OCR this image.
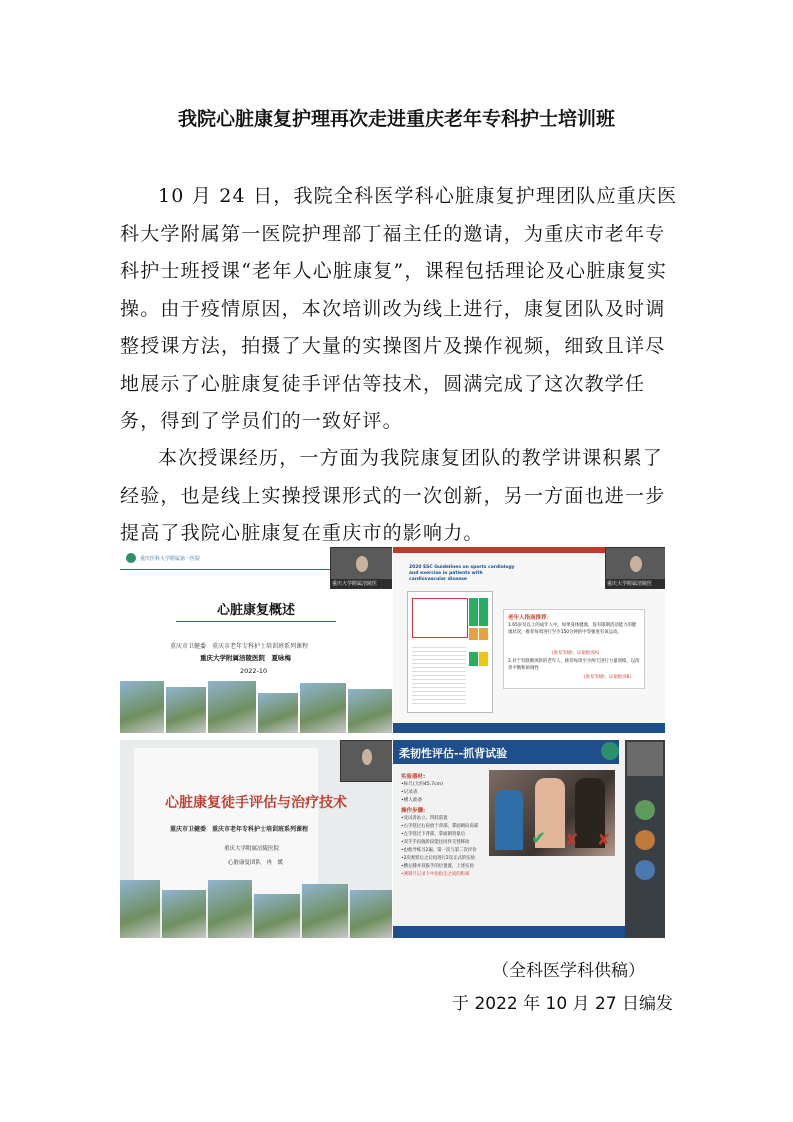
我院心脏康复护理再次走进重庆老年专科护士培训班
10 月 24 日，我院全科医学科心脏康复护理团队应重庆医科大学附属第一医院护理部丁福主任的邀请，为重庆市老年专科护士班授课“老年人心脏康复”，课程包括理论及心脏康复实操。由于疫情原因，本次培训改为线上进行，康复团队及时调整授课方法，拍摄了大量的实操图片及操作视频，细致且详尽地展示了心脏康复徒手评估等技术，圆满完成了这次教学任务，得到了学员们的一致好评。
本次授课经历，一方面为我院康复团队的教学讲课积累了经验，也是线上实操授课形式的一次创新，另一方面也进一步提高了我院心脏康复在重庆市的影响力。
重庆医科大学附属第一医院
重庆大学附属涪陵医
心脏康复概述
重庆市卫健委　重庆市老年专科护士培训班系列课程
重庆大学附属涪陵医院　夏咏梅
2022-10
2020 ESC Guidelines on sports cardiology and exercise in patients with cardiovascular disease
老年人指南推荐：
1.65岁及以上的成年人中，如果身体健康，没有限制活动能力的健康状况，推荐每周进行至少150分钟的中等强度有氧运动。
(推荐等级I，证据级别A)
2.对于有跌倒风险的老年人，推荐每周至少两天进行力量训练，以改善平衡和协调性
(推荐等级I，证据级别B)
重庆大学附属涪陵医
心脏康复徒手评估与治疗技术
重庆市卫健委　重庆市老年专科护士培训班系列课程
重庆大学附属涪陵医院
心脏康复团队　冉　媛
柔韧性评估--抓背试验
实验器材:
•标尺(大约45.7cm)
•记录表
•横人准备
操作步骤:
•受试者站立、四肢前置
•右手绕过右肩放于背部，掌面朝向肩部
•左手绕过下背部，掌面朝背靠后
•双手手扣拢阶段能往同件交替移动
•由他导练习2遍，第一次与第二次评价
•2次观察后之后再进行2次正式的实验
•横左膝并双拔手的位置置，上述实验
•测制尺记录下中指指尖之间的距离
✔ ✘ ✘
（全科医学科供稿）
于 2022 年 10 月 27 日编发
